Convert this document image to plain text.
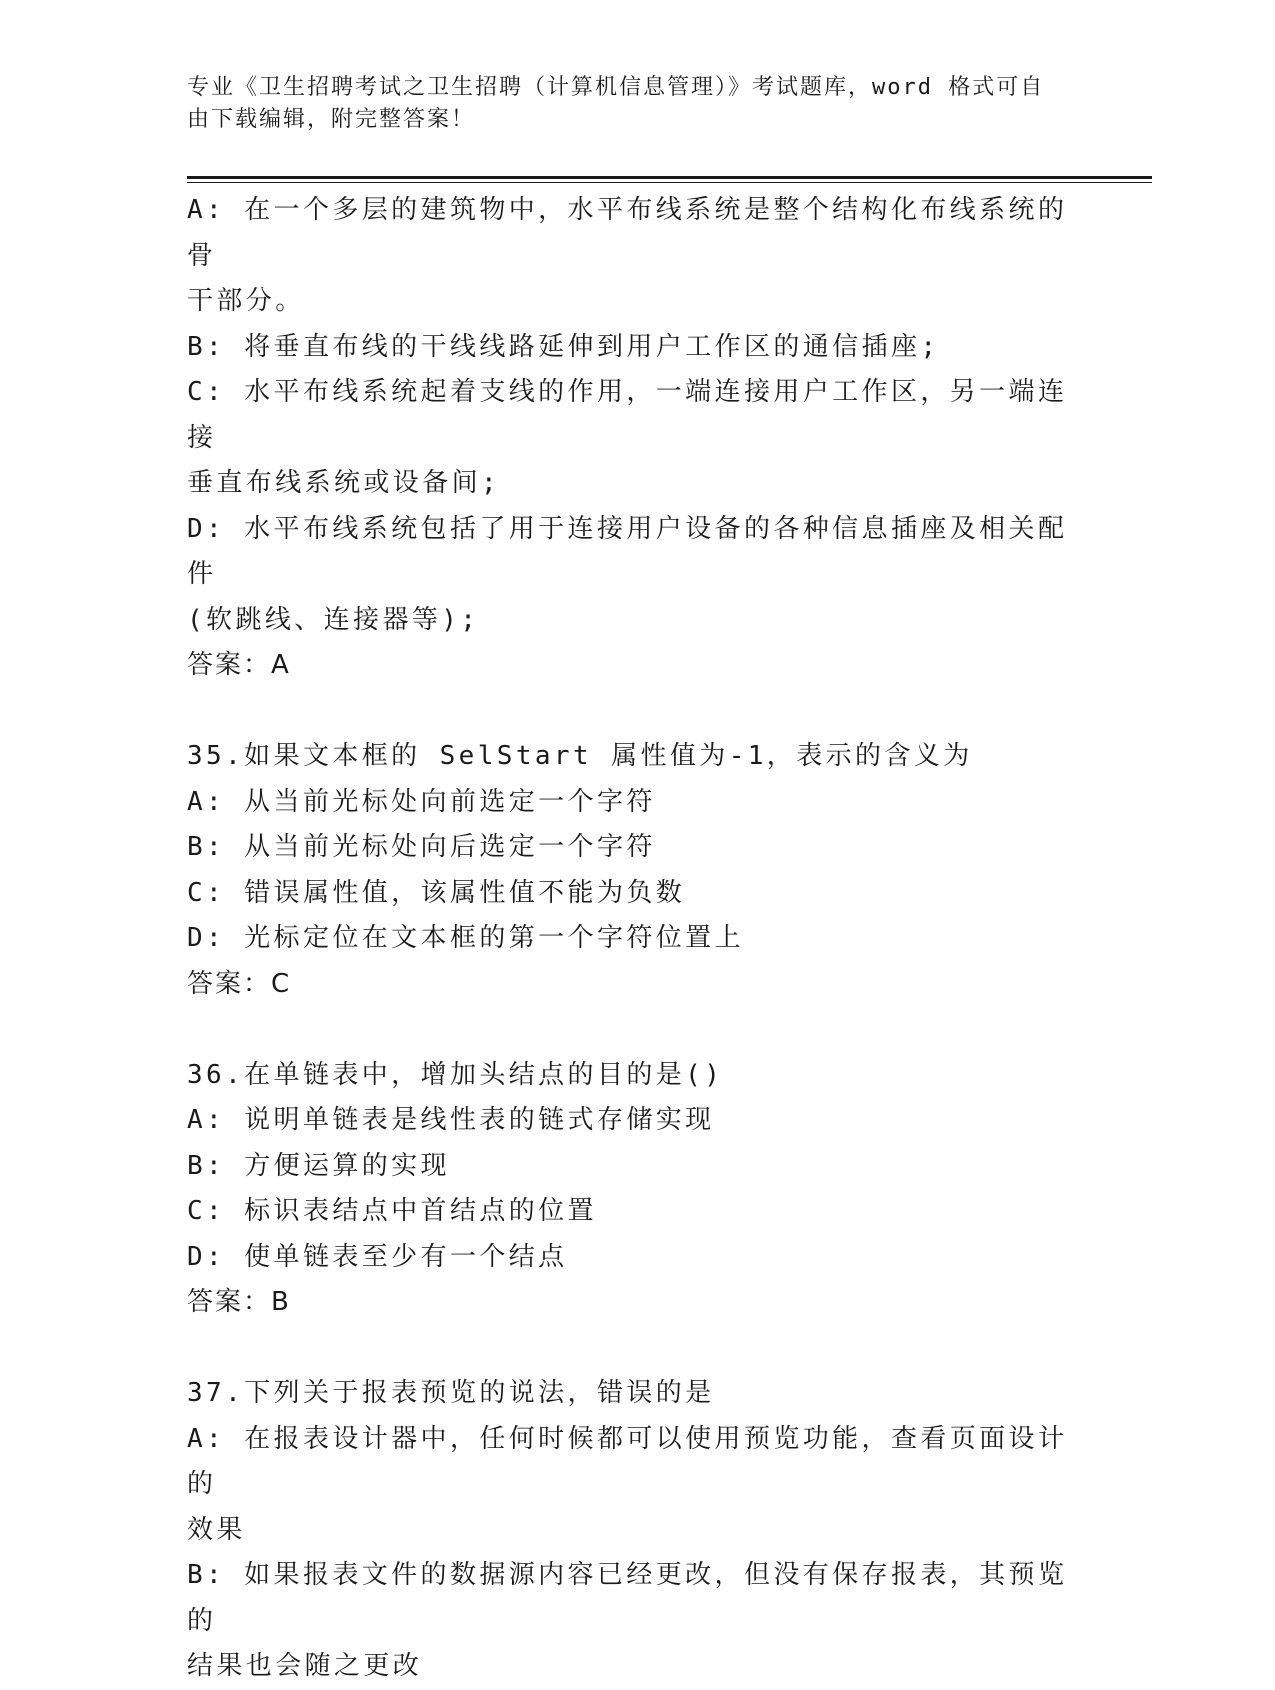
专业《卫生招聘考试之卫生招聘（计算机信息管理）》考试题库，word 格式可自
由下载编辑，附完整答案！
A: 在一个多层的建筑物中，水平布线系统是整个结构化布线系统的骨
干部分。
B: 将垂直布线的干线线路延伸到用户工作区的通信插座;
C: 水平布线系统起着支线的作用，一端连接用户工作区，另一端连接
垂直布线系统或设备间;
D: 水平布线系统包括了用于连接用户设备的各种信息插座及相关配件
(软跳线、连接器等);
答案：A
35.如果文本框的 SelStart 属性值为-1，表示的含义为
A: 从当前光标处向前选定一个字符
B: 从当前光标处向后选定一个字符
C: 错误属性值，该属性值不能为负数
D: 光标定位在文本框的第一个字符位置上
答案：C
36.在单链表中，增加头结点的目的是()
A: 说明单链表是线性表的链式存储实现
B: 方便运算的实现
C: 标识表结点中首结点的位置
D: 使单链表至少有一个结点
答案：B
37.下列关于报表预览的说法，错误的是
A: 在报表设计器中，任何时候都可以使用预览功能，查看页面设计的
效果
B: 如果报表文件的数据源内容已经更改，但没有保存报表，其预览的
结果也会随之更改
